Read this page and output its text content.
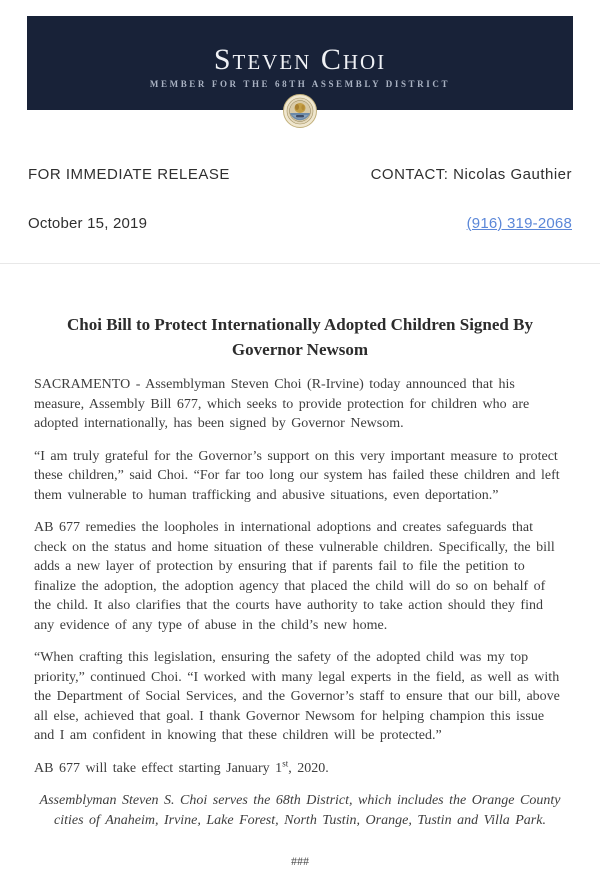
Steven Choi
MEMBER FOR THE 68TH ASSEMBLY DISTRICT
FOR IMMEDIATE RELEASE	CONTACT: Nicolas Gauthier
October 15, 2019	(916) 319-2068
Choi Bill to Protect Internationally Adopted Children Signed By
Governor Newsom

SACRAMENTO - Assemblyman Steven Choi (R-Irvine) today announced that his measure, Assembly Bill 677, which seeks to provide protection for children who are adopted internationally, has been signed by Governor Newsom.

“I am truly grateful for the Governor’s support on this very important measure to protect these children,” said Choi. “For far too long our system has failed these children and left them vulnerable to human trafficking and abusive situations, even deportation.”

AB 677 remedies the loopholes in international adoptions and creates safeguards that check on the status and home situation of these vulnerable children. Specifically, the bill adds a new layer of protection by ensuring that if parents fail to file the petition to finalize the adoption, the adoption agency that placed the child will do so on behalf of the child. It also clarifies that the courts have authority to take action should they find any evidence of any type of abuse in the child’s new home.

“When crafting this legislation, ensuring the safety of the adopted child was my top priority,” continued Choi. “I worked with many legal experts in the field, as well as with the Department of Social Services, and the Governor’s staff to ensure that our bill, above all else, achieved that goal. I thank Governor Newsom for helping champion this issue and I am confident in knowing that these children will be protected.”

AB 677 will take effect starting January 1st, 2020.

Assemblyman Steven S. Choi serves the 68th District, which includes the Orange County cities of Anaheim, Irvine, Lake Forest, North Tustin, Orange, Tustin and Villa Park.
###
